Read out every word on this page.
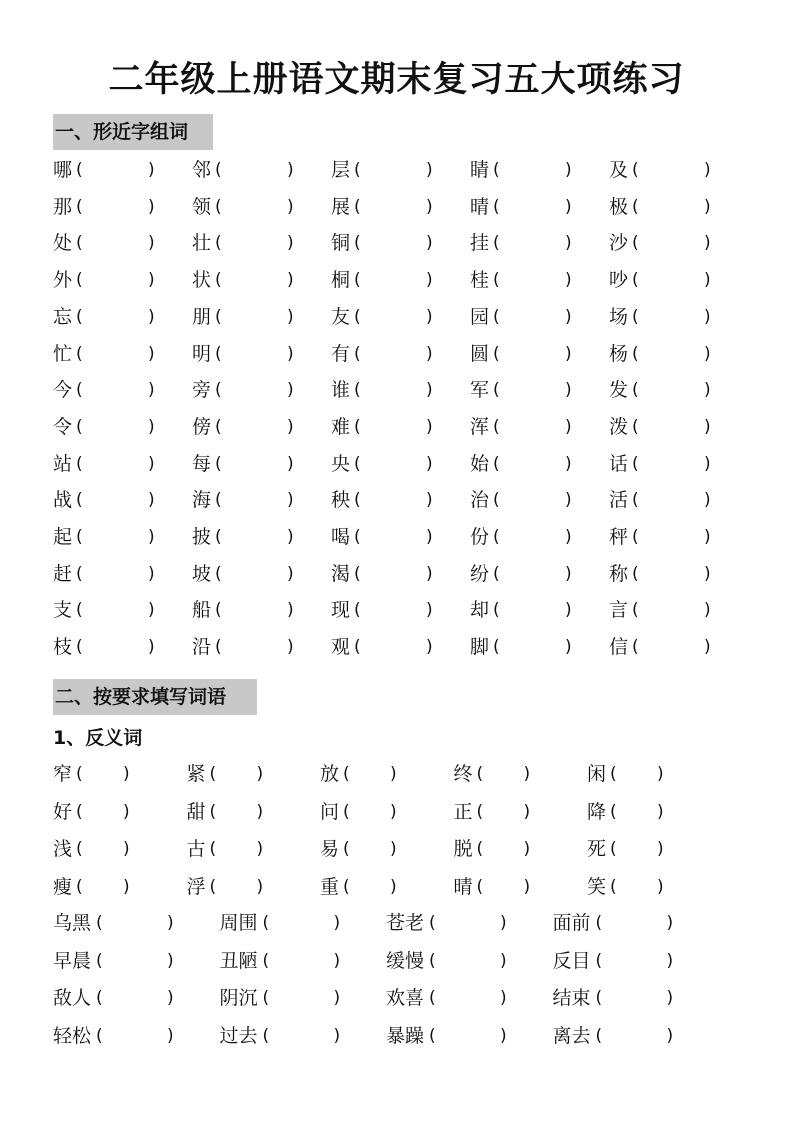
二年级上册语文期末复习五大项练习
一、形近字组词
哪 (	) 邻 (	) 层 (	) 睛 (	) 及 (	)
那 (	) 领 (	) 展 (	) 晴 (	) 极 (	)
处 (	) 壮 (	) 铜 (	) 挂 (	) 沙 (	)
外 (	) 状 (	) 桐 (	) 桂 (	) 吵 (	)
忘 (	) 朋 (	) 友 (	) 园 (	) 场 (	)
忙 (	) 明 (	) 有 (	) 圆 (	) 杨 (	)
今 (	) 旁 (	) 谁 (	) 军 (	) 发 (	)
令 (	) 傍 (	) 难 (	) 浑 (	) 泼 (	)
站 (	) 每 (	) 央 (	) 始 (	) 话 (	)
战 (	) 海 (	) 秧 (	) 治 (	) 活 (	)
起 (	) 披 (	) 喝 (	) 份 (	) 秤 (	)
赶 (	) 坡 (	) 渴 (	) 纷 (	) 称 (	)
支 (	) 船 (	) 现 (	) 却 (	) 言 (	)
枝 (	) 沿 (	) 观 (	) 脚 (	) 信 (	)
二、按要求填写词语
1、反义词
窄 ( )	紧 ( )	放 ( )	终 ( )	闲 ( )
好 ( )	甜 ( )	问 ( )	正 ( )	降 ( )
浅 ( )	古 ( )	易 ( )	脱 ( )	死 ( )
瘦 ( )	浮 ( )	重 ( )	晴 ( )	笑 ( )
乌黑 (	) 周围 (	) 苍老 (	) 面前 (	)
早晨 (	) 丑陋 (	) 缓慢 (	) 反目 (	)
敌人 (	) 阴沉 (	) 欢喜 (	) 结束 (	)
轻松 (	) 过去 (	) 暴躁 (	) 离去 (	)
